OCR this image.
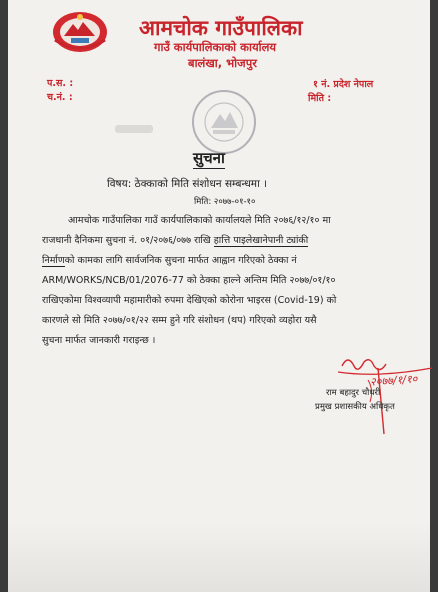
आमचोक गाउँपालिका
गाउँ कार्यपालिकाको कार्यालय
बालंखा, भोजपुर
प.स. :
च.नं. :
१ नं. प्रदेश नेपाल
मिति :
सुचना
विषय: ठेक्काको मिति संशोधन सम्बन्धमा ।
मिति: २०७७-०१-१०
आमचोक गाउँपालिका गाउँ कार्यपालिकाको कार्यालयले मिति २०७६/१२/१० मा
राजधानी दैनिकमा सुचना नं. ०१/२०७६/०७७ राखि हात्ति पाइलेखानेपानी ट्यांकी
निर्माणको कामका लागि सार्वजनिक सुचना मार्फत आह्वान गरिएको ठेक्का नं
ARM/WORKS/NCB/01/2076-77 को ठेक्का हाल्ने अन्तिम मिति २०७७/०१/१०
राखिएकोमा विश्वव्यापी महामारीको रुपमा देखिएको कोरोना भाइरस (Covid-19) को
कारणले सो मिति २०७७/०१/२२ सम्म हुने गरि संशोधन (थप) गरिएको व्यहोरा यसै
सुचना मार्फत जानकारी गराइन्छ ।
२०७७/१/१०
राम बहादुर चौधरी
प्रमुख प्रशासकीय अधिकृत
